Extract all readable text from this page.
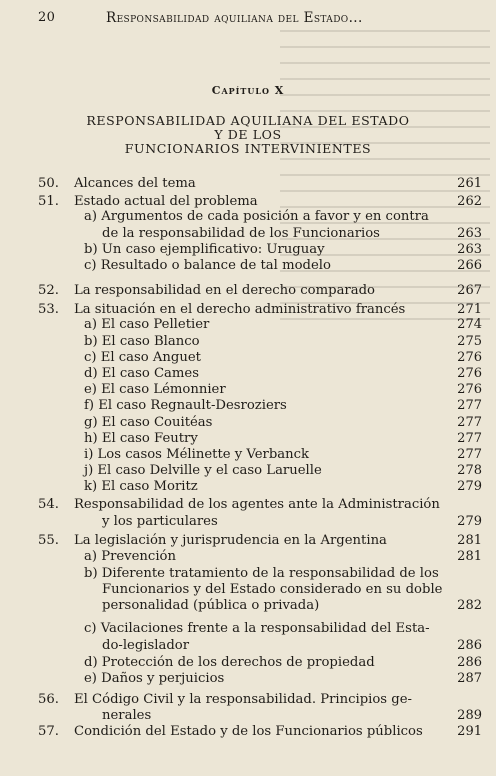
20	Responsabilidad aquiliana del Estado...
Capítulo X
RESPONSABILIDAD AQUILIANA DEL ESTADO
Y DE LOS
FUNCIONARIOS INTERVINIENTES
50. Alcances del tema	261
51. Estado actual del problema	262
a) Argumentos de cada posición a favor y en contra
de la responsabilidad de los Funcionarios	263
b) Un caso ejemplificativo: Uruguay	263
c) Resultado o balance de tal modelo	266
52. La responsabilidad en el derecho comparado	267
53. La situación en el derecho administrativo francés	271
a) El caso Pelletier	274
b) El caso Blanco	275
c) El caso Anguet	276
d) El caso Cames	276
e) El caso Lémonnier	276
f) El caso Regnault-Desroziers	277
g) El caso Couitéas	277
h) El caso Feutry	277
i) Los casos Mélinette y Verbanck	277
j) El caso Delville y el caso Laruelle	278
k) El caso Moritz	279
54. Responsabilidad de los agentes ante la Administración
y los particulares	279
55. La legislación y jurisprudencia en la Argentina	281
a) Prevención	281
b) Diferente tratamiento de la responsabilidad de los
Funcionarios y del Estado considerado en su doble
personalidad (pública o privada)	282
c) Vacilaciones frente a la responsabilidad del Esta-
do-legislador	286
d) Protección de los derechos de propiedad	286
e) Daños y perjuicios	287
56. El Código Civil y la responsabilidad. Principios ge-
nerales	289
57. Condición del Estado y de los Funcionarios públicos	291
